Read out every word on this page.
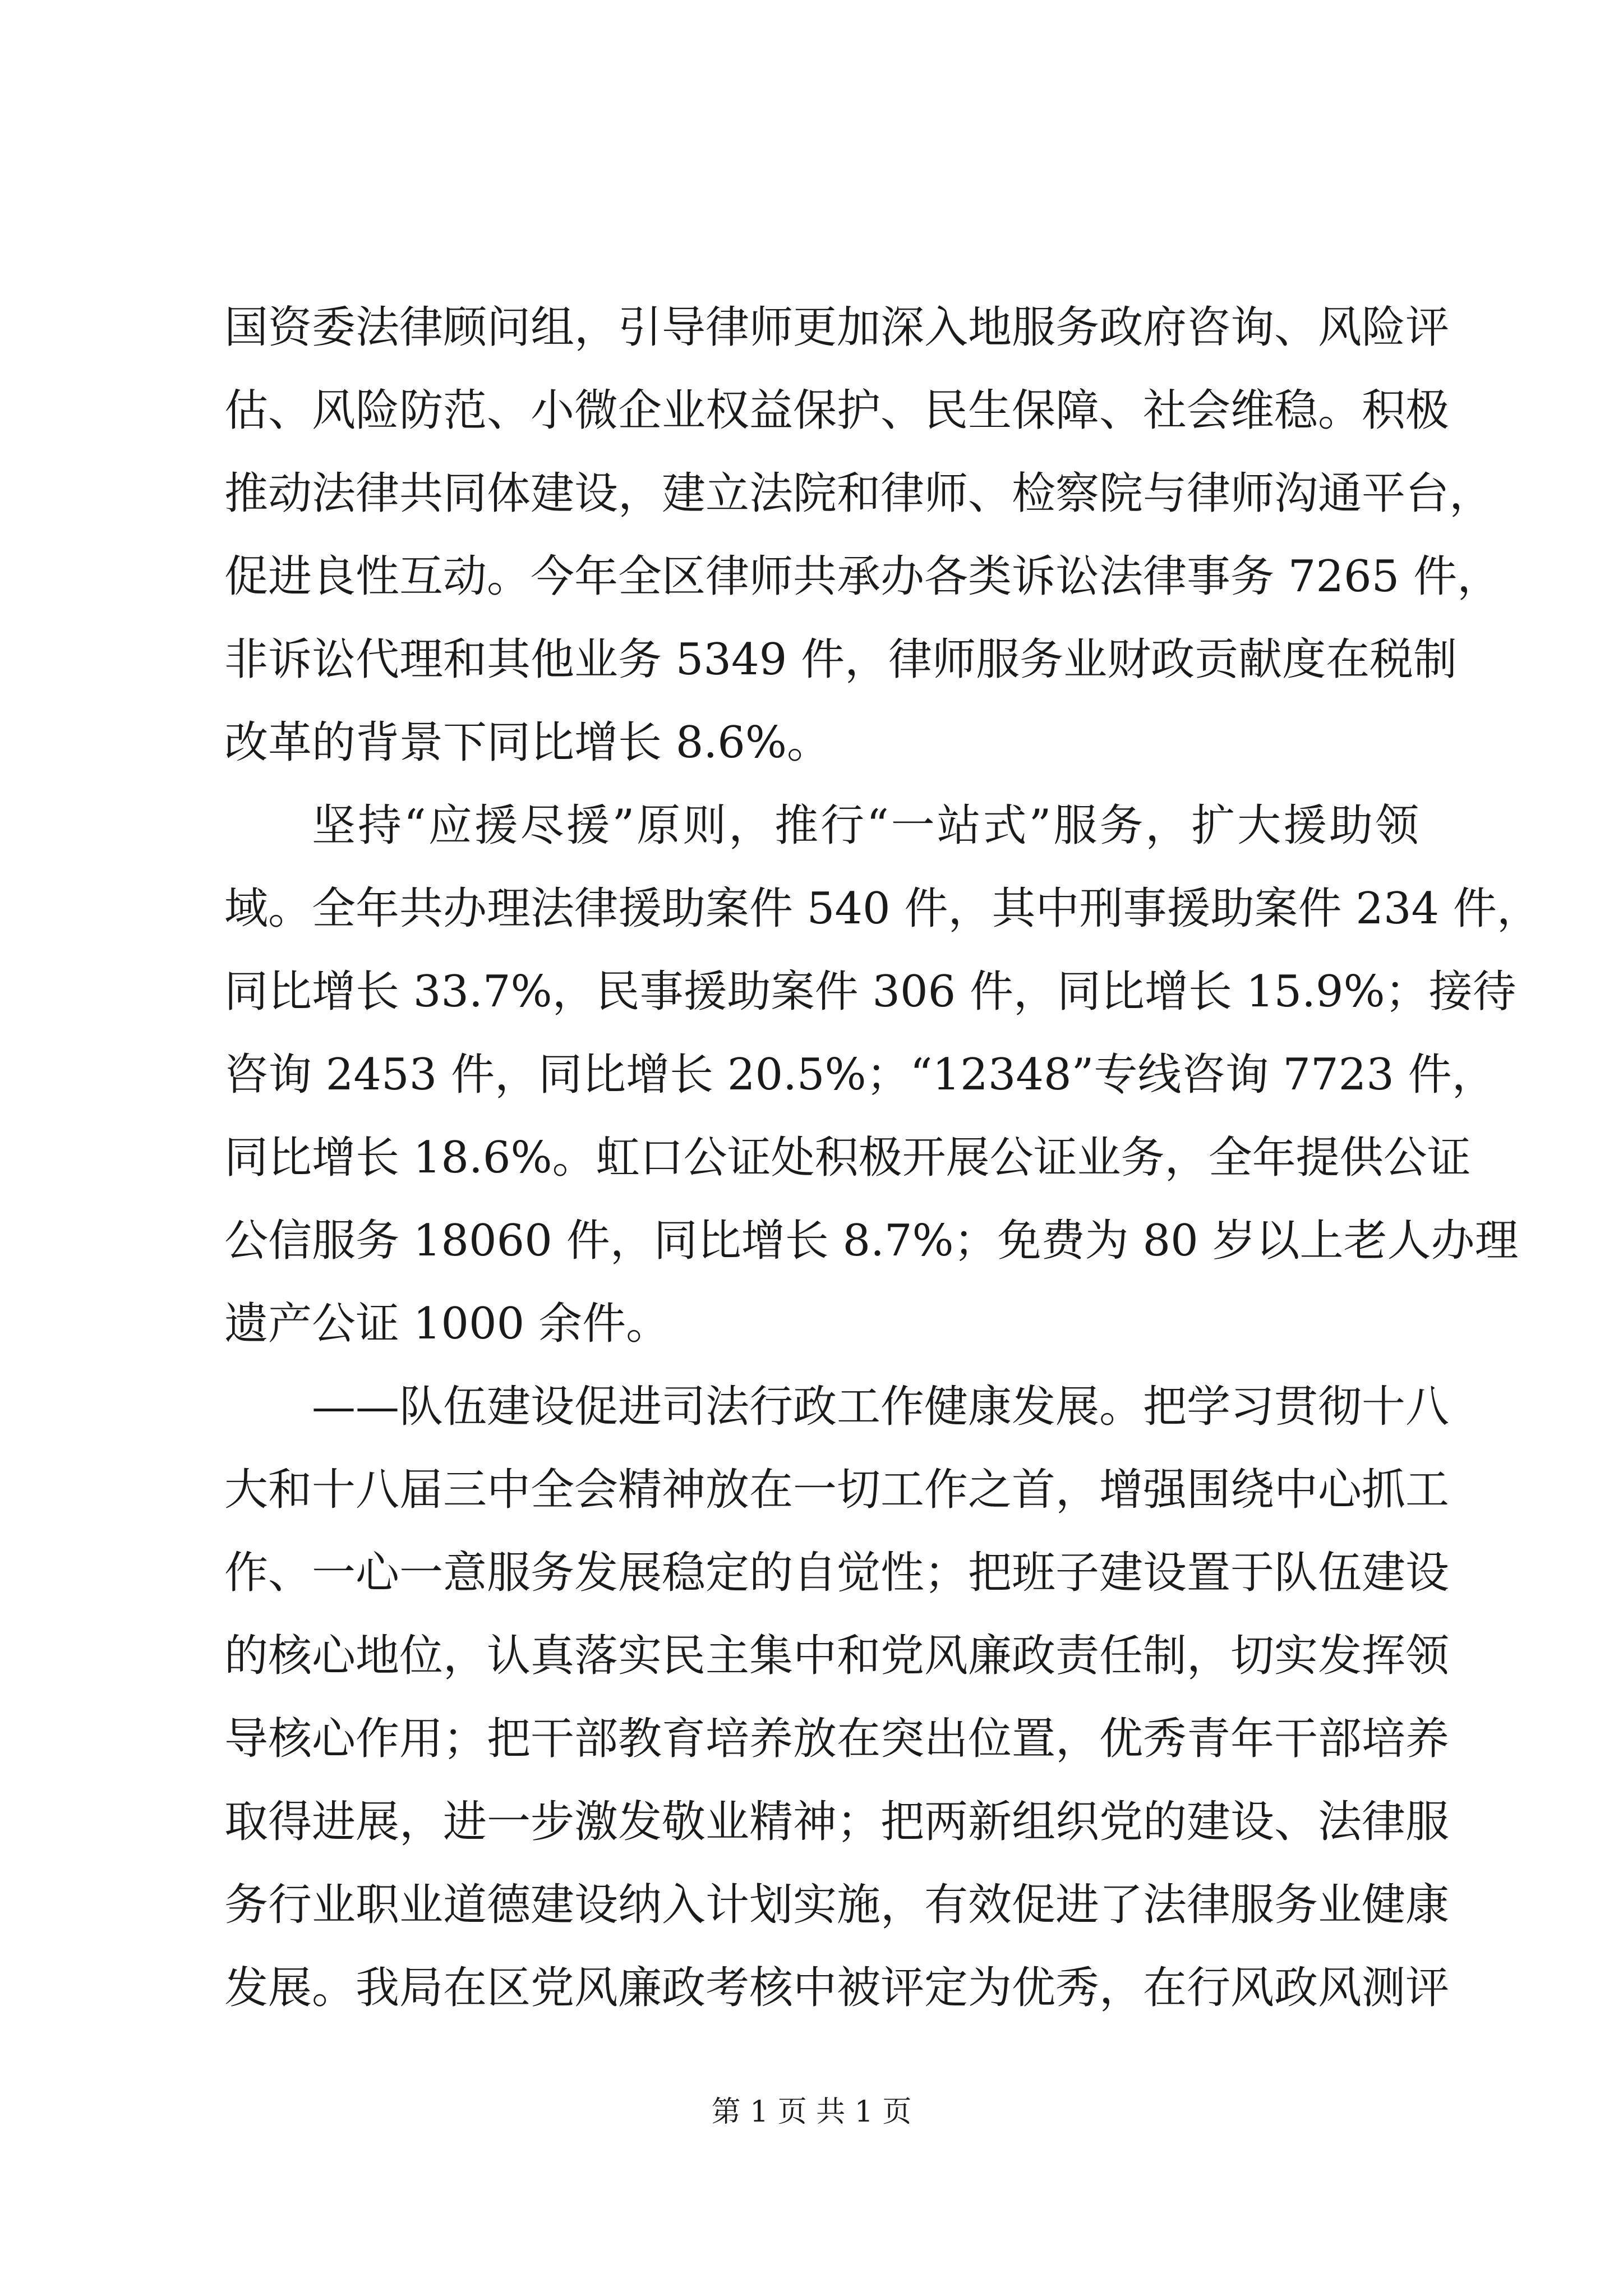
国资委法律顾问组，引导律师更加深入地服务政府咨询、风险评
估、风险防范、小微企业权益保护、民生保障、社会维稳。积极
推动法律共同体建设，建立法院和律师、检察院与律师沟通平台，
促进良性互动。今年全区律师共承办各类诉讼法律事务 7265 件，
非诉讼代理和其他业务 5349 件，律师服务业财政贡献度在税制
改革的背景下同比增长 8.6%。
坚持“应援尽援”原则，推行“一站式”服务，扩大援助领
域。全年共办理法律援助案件 540 件，其中刑事援助案件 234 件，
同比增长 33.7%，民事援助案件 306 件，同比增长 15.9%；接待
咨询 2453 件，同比增长 20.5%；“12348”专线咨询 7723 件，
同比增长 18.6%。虹口公证处积极开展公证业务，全年提供公证
公信服务 18060 件，同比增长 8.7%；免费为 80 岁以上老人办理
遗产公证 1000 余件。
——队伍建设促进司法行政工作健康发展。把学习贯彻十八
大和十八届三中全会精神放在一切工作之首，增强围绕中心抓工
作、一心一意服务发展稳定的自觉性；把班子建设置于队伍建设
的核心地位，认真落实民主集中和党风廉政责任制，切实发挥领
导核心作用；把干部教育培养放在突出位置，优秀青年干部培养
取得进展，进一步激发敬业精神；把两新组织党的建设、法律服
务行业职业道德建设纳入计划实施，有效促进了法律服务业健康
发展。我局在区党风廉政考核中被评定为优秀，在行风政风测评
第 1 页 共 1 页
